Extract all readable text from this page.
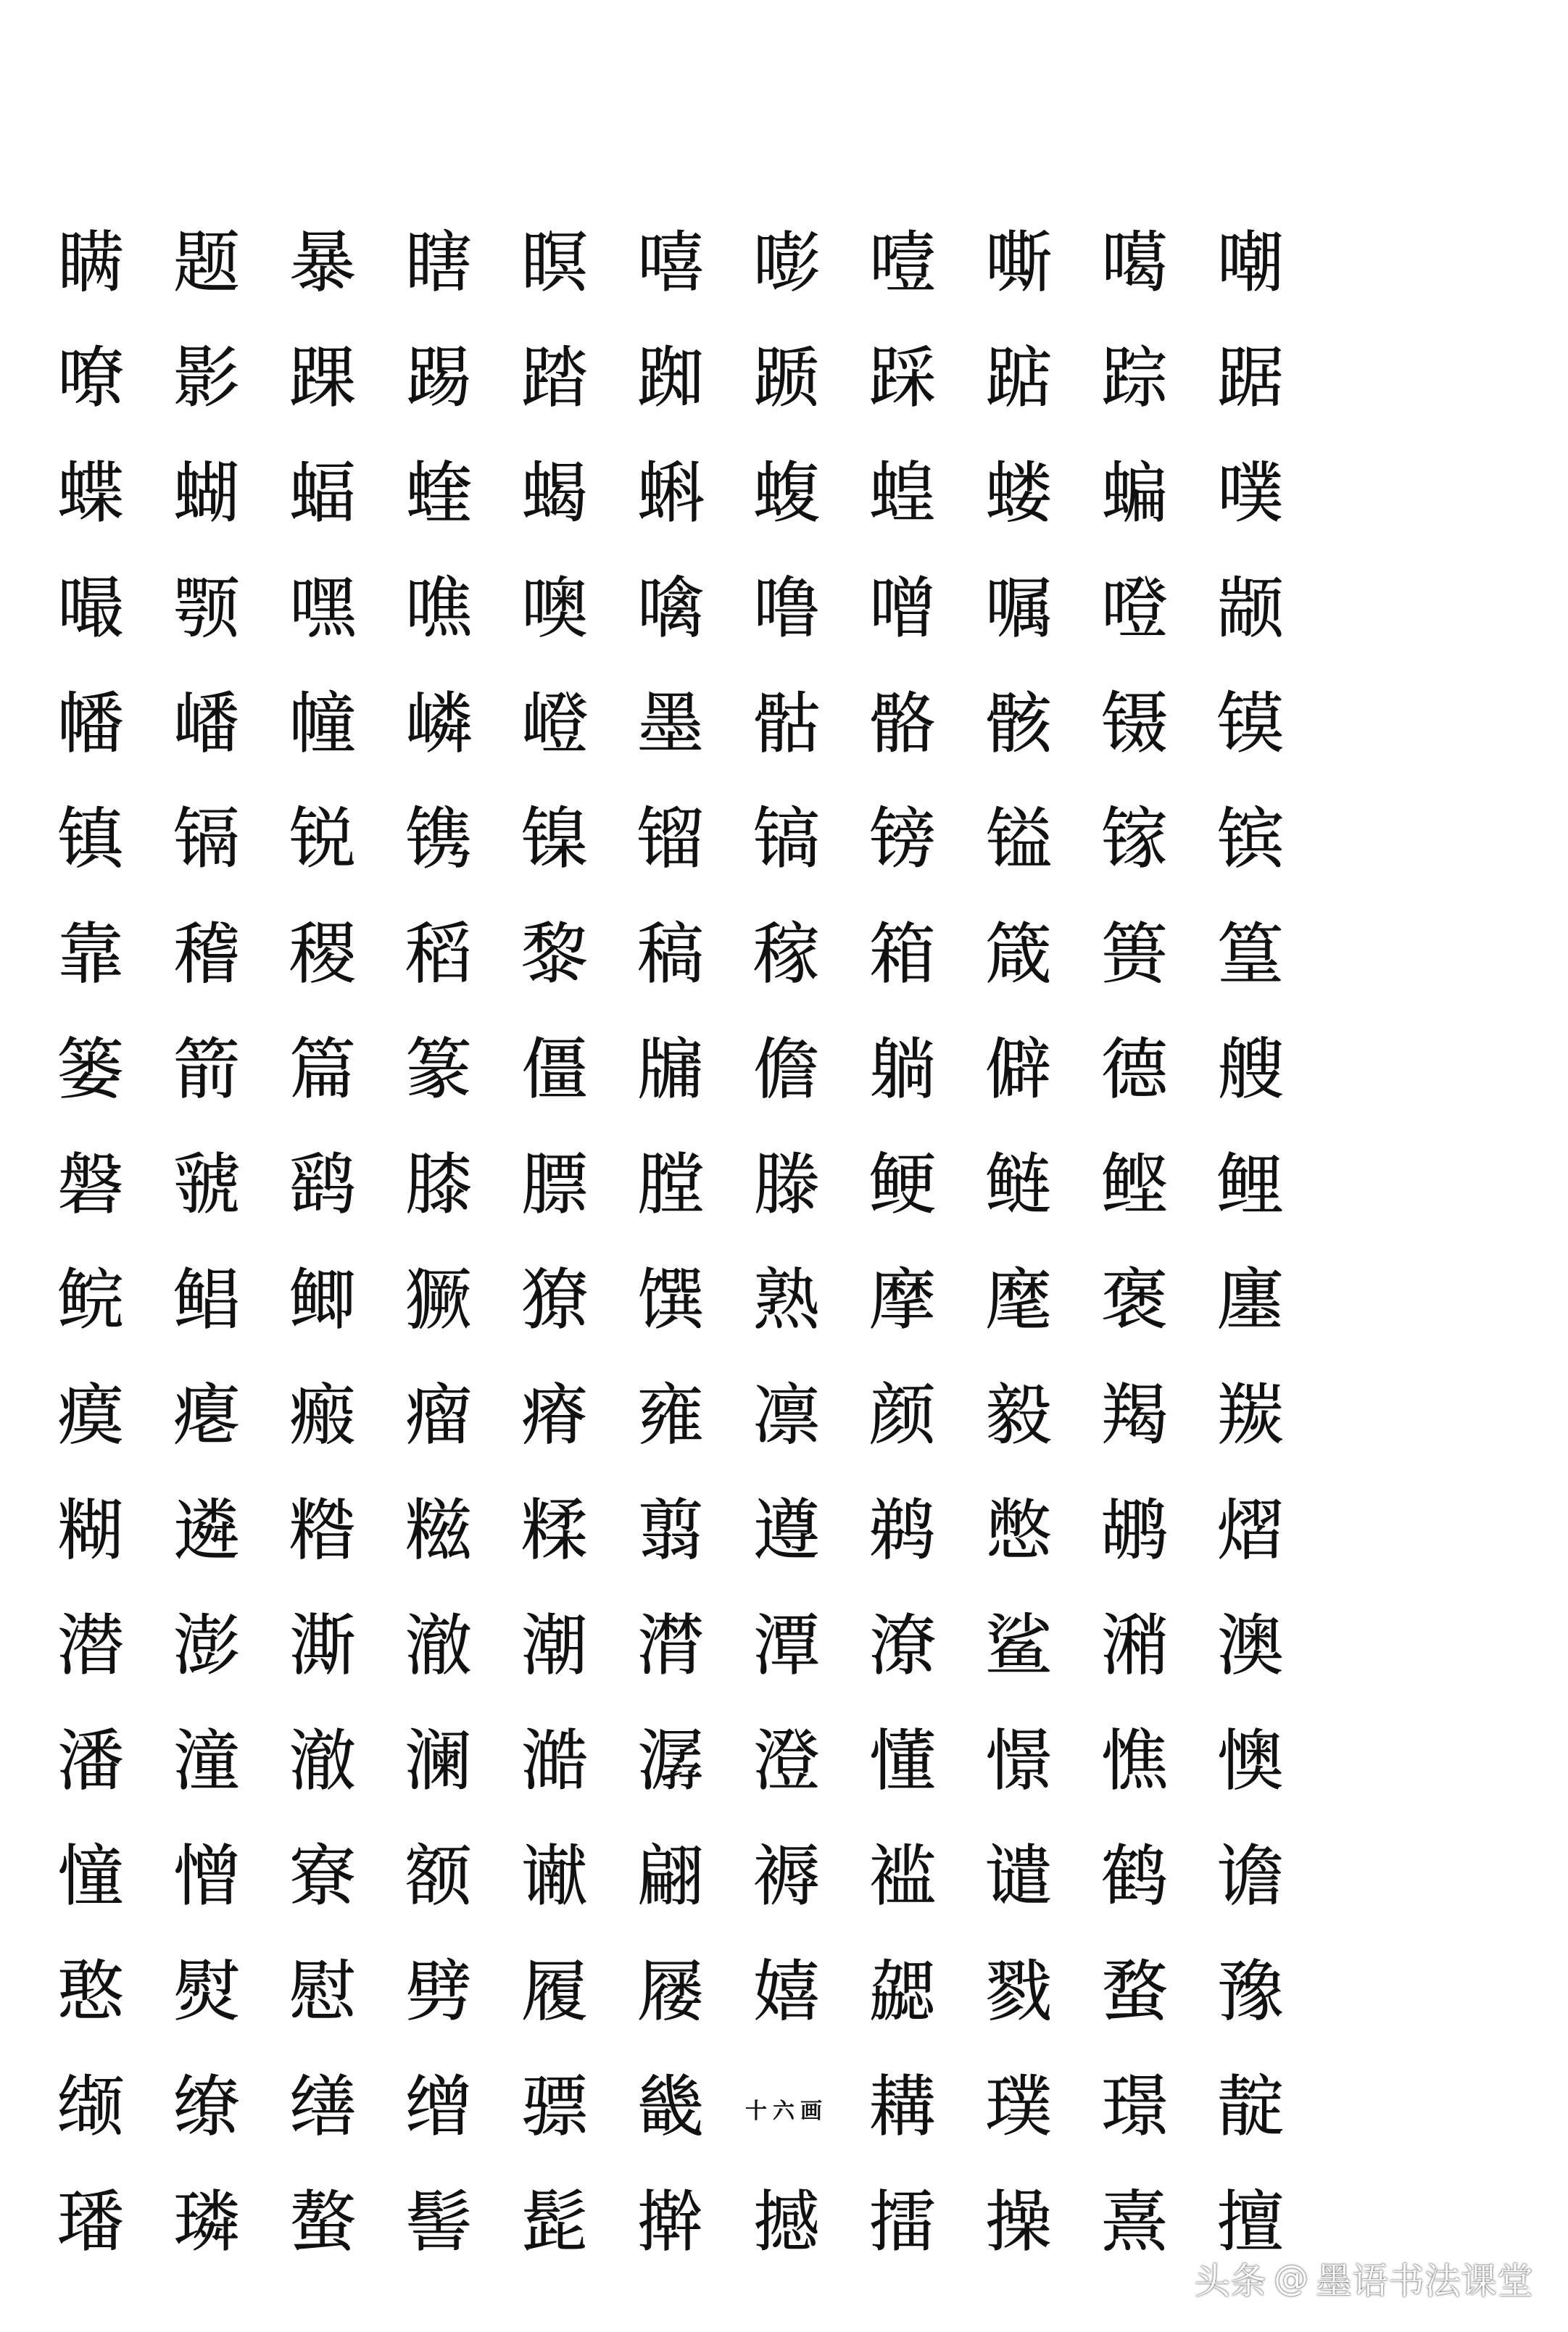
瞒 题 暴 瞎 瞑 嘻 嘭 噎 嘶 噶 嘲
嘹 影 踝 踢 踏 踟 踬 踩 踮 踪 踞
蝶 蝴 蝠 蝰 蝎 蝌 蝮 蝗 蝼 蝙 噗
嘬 颚 嘿 噍 噢 噙 噜 噌 嘱 噔 颛
幡 嶓 幢 嶙 嶝 墨 骷 骼 骸 镊 镆
镇 镉 锐 镌 镍 镏 镐 镑 镒 镓 镔
靠 稽 稷 稻 黎 稿 稼 箱 箴 篑 篁
篓 箭 篇 篆 僵 牖 儋 躺 僻 德 艘
磐 虢 鹞 膝 膘 膛 滕 鲠 鲢 鲣 鲤
鲩 鲳 鲫 獗 獠 馔 熟 摩 麾 褒 廛
瘼 瘪 瘢 瘤 瘠 雍 凛 颜 毅 羯 羰
糊 遴 糌 糍 糅 翦 遵 鹈 憋 鹕 熠
潜 澎 澌 澈 潮 潸 潭 潦 鲨 潲 澳
潘 潼 澈 澜 澔 潺 澄 懂 憬 憔 懊
憧 憎 寮 额 谳 翩 褥 褴 谴 鹤 谵
憨 熨 慰 劈 履 屦 嬉 勰 戮 蝥 豫
缬 缭 缮 缯 骠 畿	十六画 耩 璞 璟 靛
璠 璘 螯 髻 髭 擀 撼 擂 操 熹 擅
头条 @ 墨语书法课堂
